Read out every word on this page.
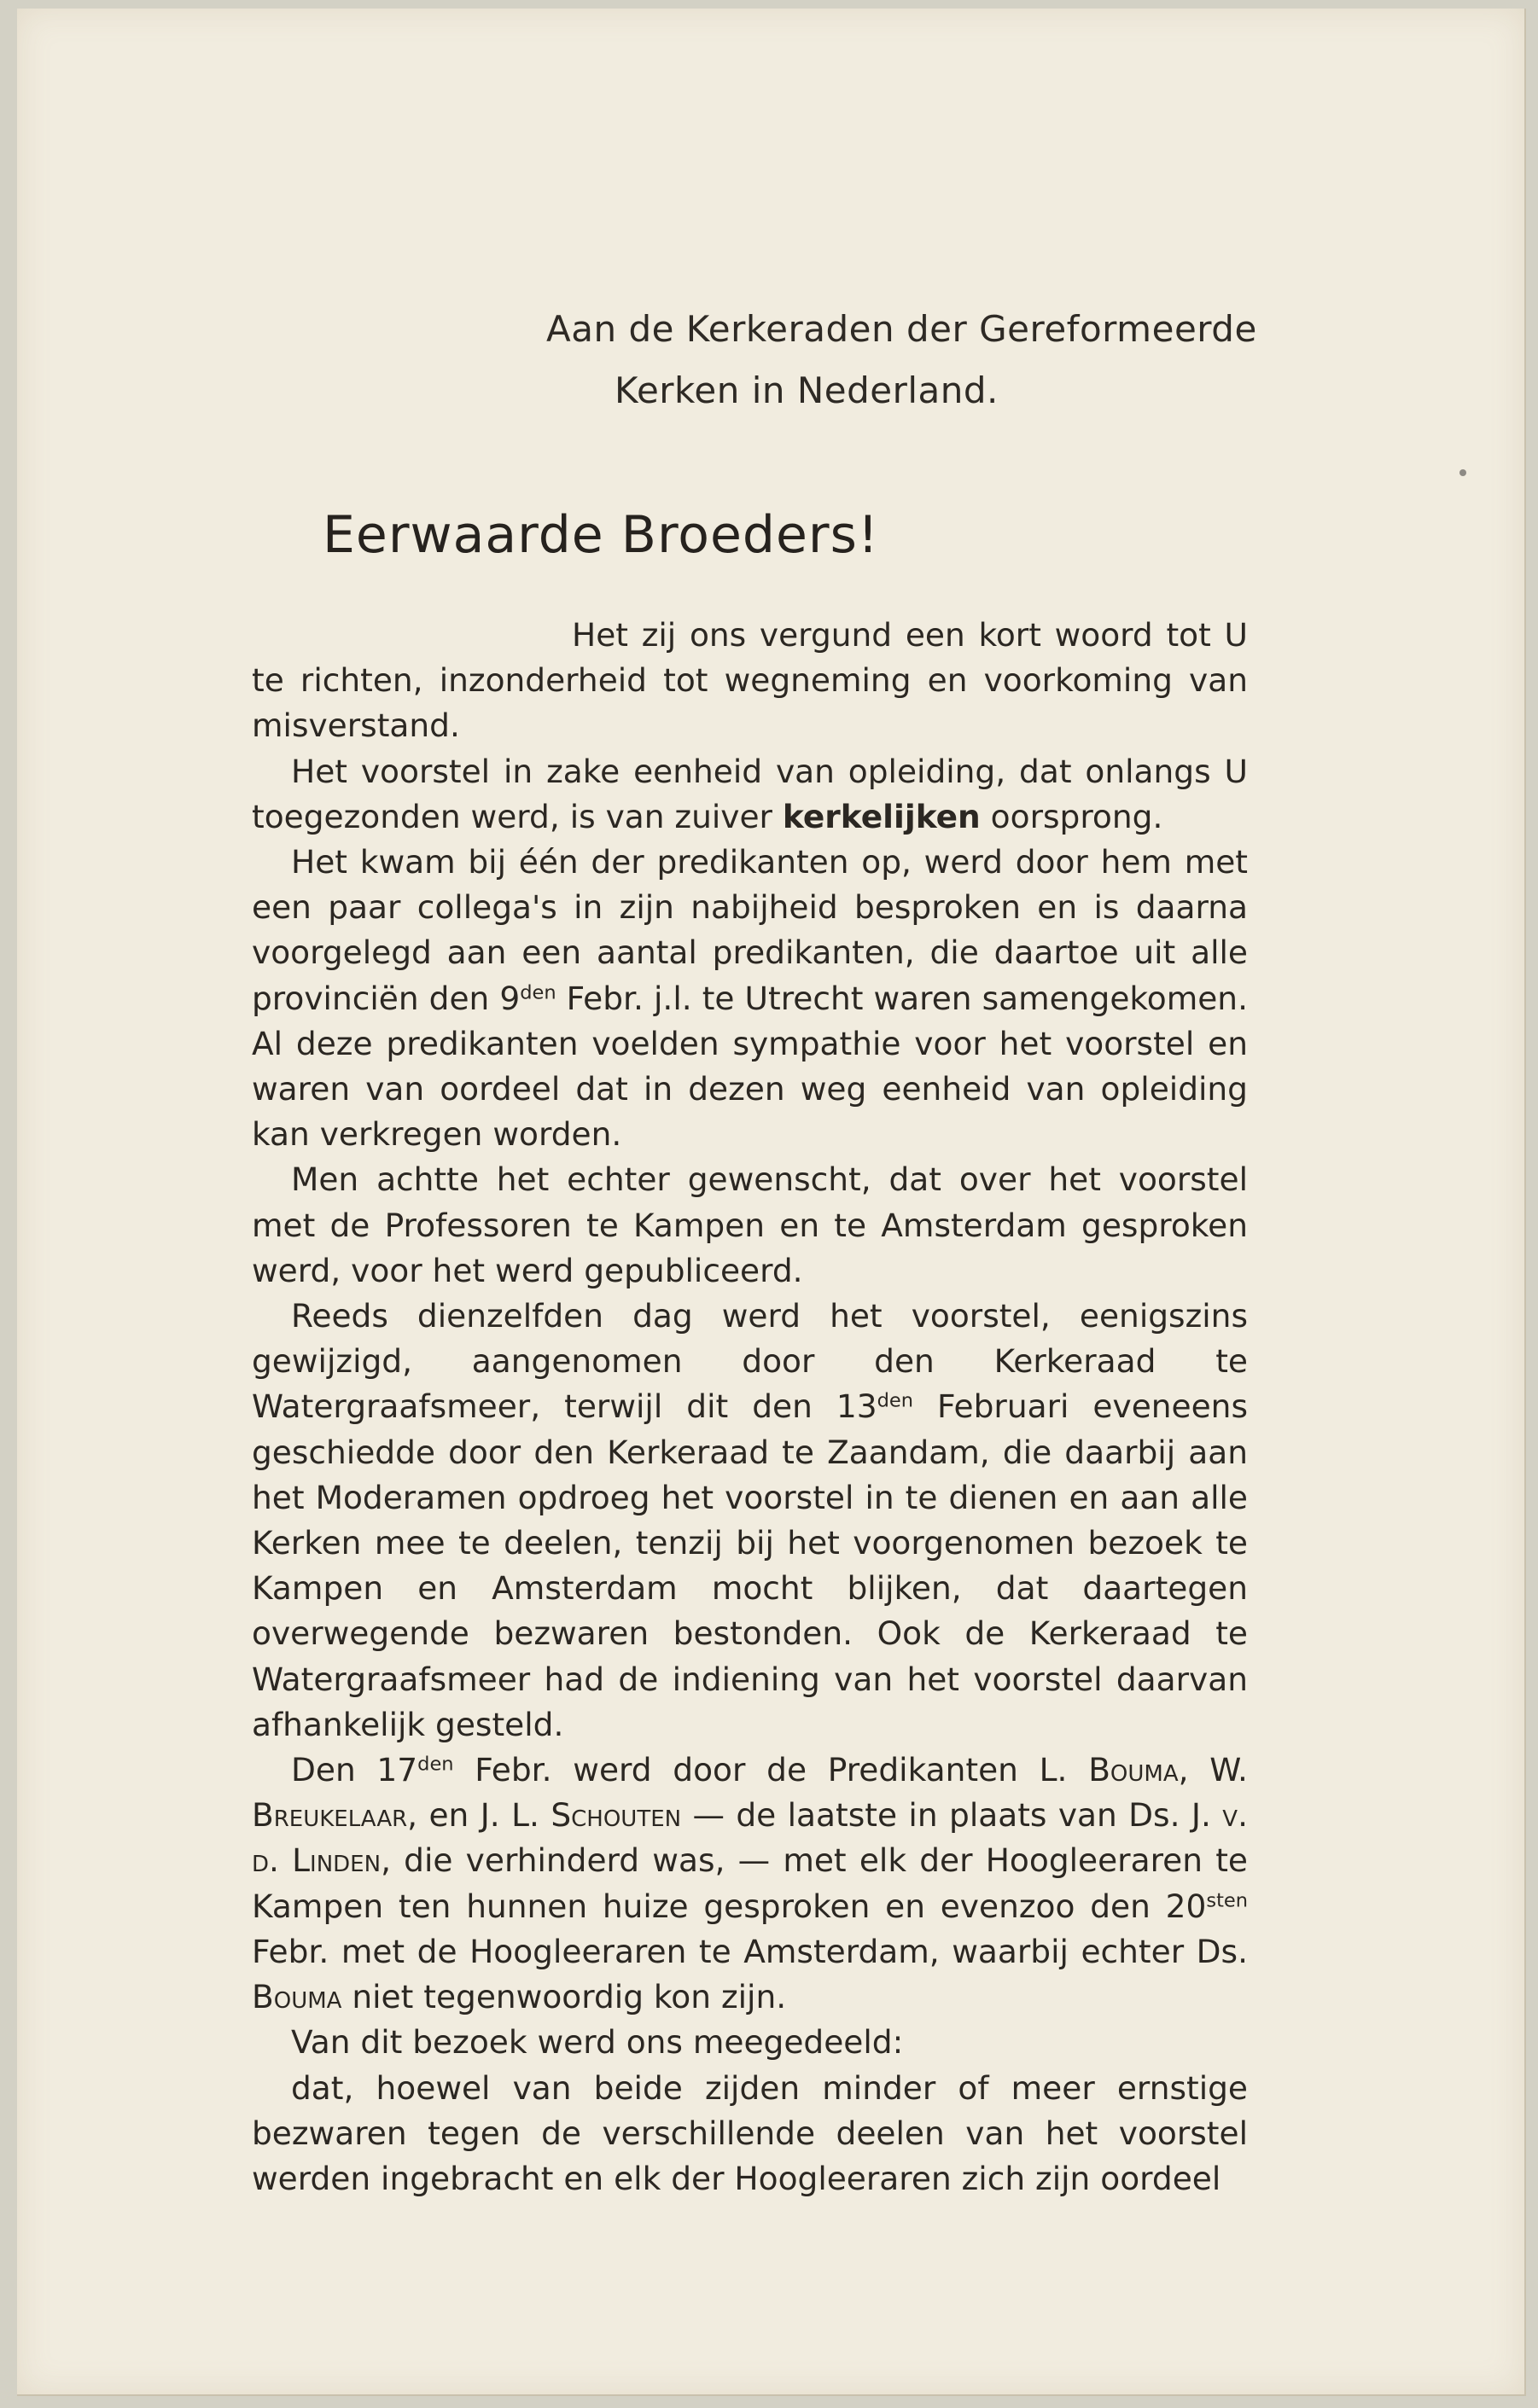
Aan de Kerkeraden der Gereformeerde
Kerken in Nederland.
Eerwaarde Broeders!

Het zij ons vergund een kort woord tot U te richten, inzonderheid tot wegneming en voorkoming van misverstand.

Het voorstel in zake eenheid van opleiding, dat onlangs U toegezonden werd, is van zuiver kerkelijken oorsprong.

Het kwam bij één der predikanten op, werd door hem met een paar collega's in zijn nabijheid besproken en is daarna voorgelegd aan een aantal predikanten, die daartoe uit alle provinciën den $9^{den}$ Febr. j.l. te Utrecht waren samengekomen. Al deze predikanten voelden sympathie voor het voorstel en waren van oordeel dat in dezen weg eenheid van opleiding kan verkregen worden.

Men achtte het echter gewenscht, dat over het voorstel met de Professoren te Kampen en te Amsterdam gesproken werd, voor het werd gepubliceerd.

Reeds dienzelfden dag werd het voorstel, eenigszins gewijzigd, aangenomen door den Kerkeraad te Watergraafsmeer, terwijl dit den $13^{den}$ Februari eveneens geschiedde door den Kerkeraad te Zaandam, die daarbij aan het Moderamen opdroeg het voorstel in te dienen en aan alle Kerken mee te deelen, tenzij bij het voorgenomen bezoek te Kampen en Amsterdam mocht blijken, dat daartegen overwegende bezwaren bestonden. Ook de Kerkeraad te Watergraafsmeer had de indiening van het voorstel daarvan afhankelijk gesteld.

Den $17^{den}$ Febr. werd door de Predikanten L. Bouma, W. Breukelaar, en J. L. Schouten — de laatste in plaats van Ds. J. v. d. Linden, die verhinderd was, — met elk der Hoogleeraren te Kampen ten hunnen huize gesproken en evenzoo den $20^{sten}$ Febr. met de Hoogleeraren te Amsterdam, waarbij echter Ds. Bouma niet tegenwoordig kon zijn.

Van dit bezoek werd ons meegedeeld:

dat, hoewel van beide zijden minder of meer ernstige bezwaren tegen de verschillende deelen van het voorstel werden ingebracht en elk der Hoogleeraren zich zijn oordeel
